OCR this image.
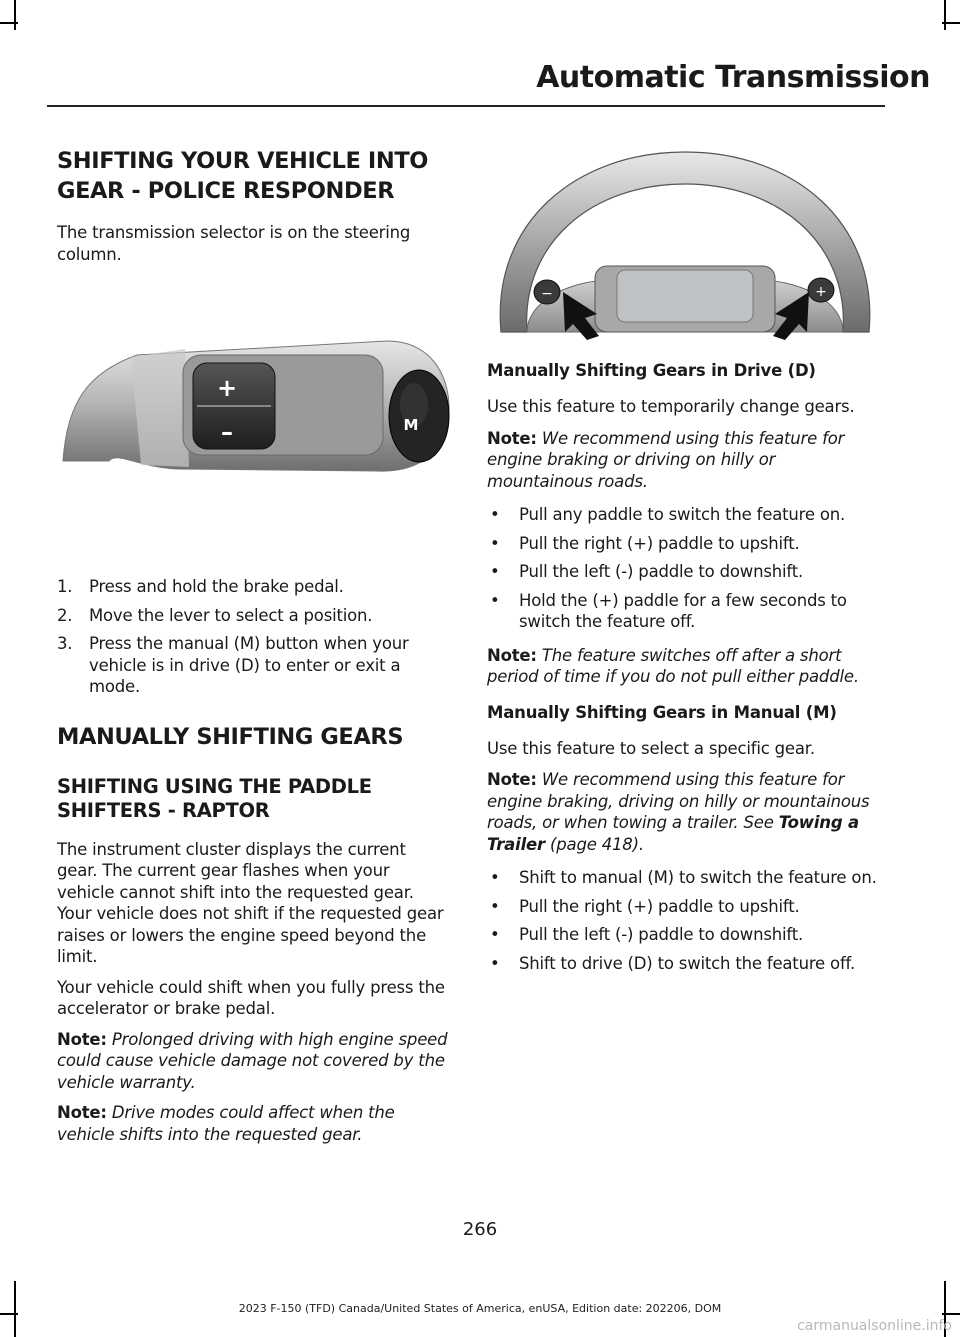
Automatic Transmission
SHIFTING YOUR VEHICLE INTO GEAR - POLICE RESPONDER

The transmission selector is on the steering column.

1. Press and hold the brake pedal.
2. Move the lever to select a position.
3. Press the manual (M) button when your vehicle is in drive (D) to enter or exit a mode.
MANUALLY SHIFTING GEARS
SHIFTING USING THE PADDLE SHIFTERS - RAPTOR

The instrument cluster displays the current gear. The current gear flashes when your vehicle cannot shift into the requested gear. Your vehicle does not shift if the requested gear raises or lowers the engine speed beyond the limit.

Your vehicle could shift when you fully press the accelerator or brake pedal.

Note: Prolonged driving with high engine speed could cause vehicle damage not covered by the vehicle warranty.

Note: Drive modes could affect when the vehicle shifts into the requested gear.

+
–	M
−	+
Manually Shifting Gears in Drive (D)

Use this feature to temporarily change gears.

Note: We recommend using this feature for engine braking or driving on hilly or mountainous roads.

• Pull any paddle to switch the feature on.
• Pull the right (+) paddle to upshift.
• Pull the left (-) paddle to downshift.
• Hold the (+) paddle for a few seconds to switch the feature off.

Note: The feature switches off after a short period of time if you do not pull either paddle.

Manually Shifting Gears in Manual (M)

Use this feature to select a specific gear.

Note: We recommend using this feature for engine braking, driving on hilly or mountainous roads, or when towing a trailer. See Towing a Trailer (page 418).

• Shift to manual (M) to switch the feature on.
• Pull the right (+) paddle to upshift.
• Pull the left (-) paddle to downshift.
• Shift to drive (D) to switch the feature off.
266
2023 F-150 (TFD) Canada/United States of America, enUSA, Edition date: 202206, DOM
carmanualsonline.info
